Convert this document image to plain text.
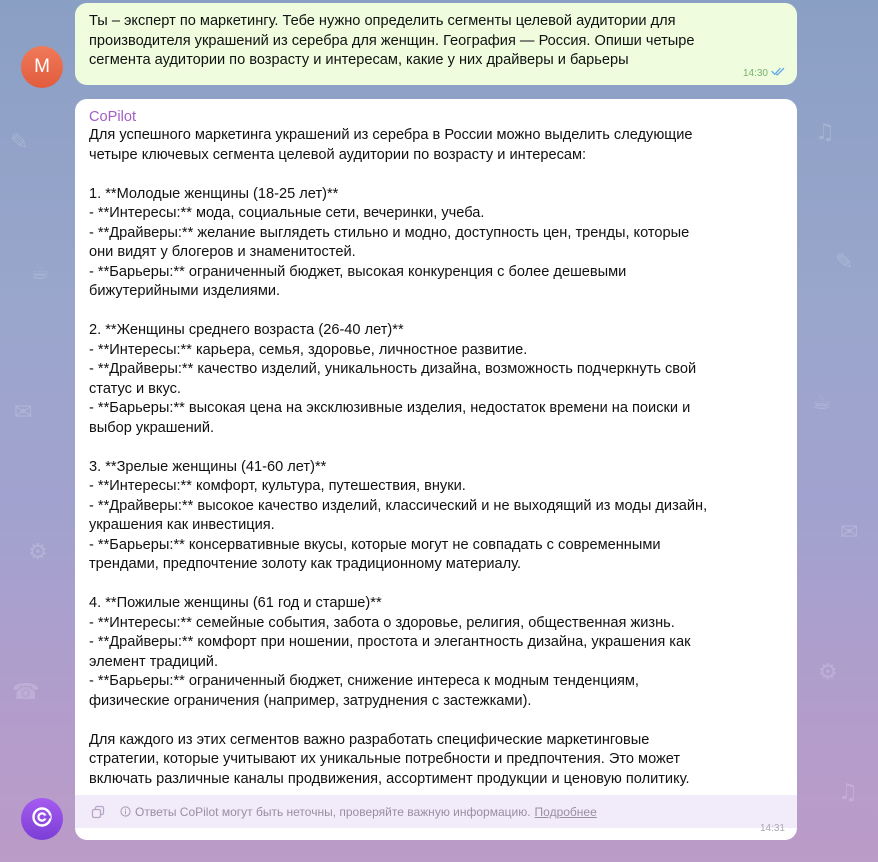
✎
☕
✉
⚙
☎
♫
✎
☕
✉
⚙
♫
M
Ты – эксперт по маркетингу. Тебе нужно определить сегменты целевой аудитории для
производителя украшений из серебра для женщин. География — Россия. Опиши четыре
сегмента аудитории по возрасту и интересам, какие у них драйверы и барьеры
14:30
CoPilot
Для успешного маркетинга украшений из серебра в России можно выделить следующие
четыре ключевых сегмента целевой аудитории по возрасту и интересам:

1. **Молодые женщины (18-25 лет)**
- **Интересы:** мода, социальные сети, вечеринки, учеба.
- **Драйверы:** желание выглядеть стильно и модно, доступность цен, тренды, которые
они видят у блогеров и знаменитостей.
- **Барьеры:** ограниченный бюджет, высокая конкуренция с более дешевыми
бижутерийными изделиями.

2. **Женщины среднего возраста (26-40 лет)**
- **Интересы:** карьера, семья, здоровье, личностное развитие.
- **Драйверы:** качество изделий, уникальность дизайна, возможность подчеркнуть свой
статус и вкус.
- **Барьеры:** высокая цена на эксклюзивные изделия, недостаток времени на поиски и
выбор украшений.

3. **Зрелые женщины (41-60 лет)**
- **Интересы:** комфорт, культура, путешествия, внуки.
- **Драйверы:** высокое качество изделий, классический и не выходящий из моды дизайн,
украшения как инвестиция.
- **Барьеры:** консервативные вкусы, которые могут не совпадать с современными
трендами, предпочтение золоту как традиционному материалу.

4. **Пожилые женщины (61 год и старше)**
- **Интересы:** семейные события, забота о здоровье, религия, общественная жизнь.
- **Драйверы:** комфорт при ношении, простота и элегантность дизайна, украшения как
элемент традиций.
- **Барьеры:** ограниченный бюджет, снижение интереса к модным тенденциям,
физические ограничения (например, затруднения с застежками).

Для каждого из этих сегментов важно разработать специфические маркетинговые
стратегии, которые учитывают их уникальные потребности и предпочтения. Это может
включать различные каналы продвижения, ассортимент продукции и ценовую политику.
Ответы CoPilot могут быть неточны, проверяйте важную информацию. Подробнее
14:31
